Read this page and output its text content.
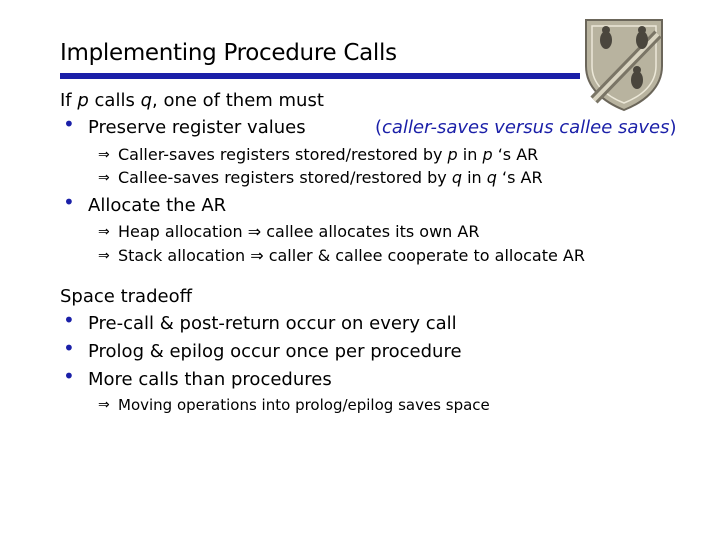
Implementing Procedure Calls
If p calls q, one of them must
• Preserve register values	(caller-saves versus callee saves)
⇒ Caller-saves registers stored/restored by p in p ‘s AR
⇒ Callee-saves registers stored/restored by q in q ‘s AR
• Allocate the AR
⇒ Heap allocation ⇒ callee allocates its own AR
⇒ Stack allocation ⇒ caller & callee cooperate to allocate AR
Space tradeoff
• Pre-call & post-return occur on every call
• Prolog & epilog occur once per procedure
• More calls than procedures
⇒ Moving operations into prolog/epilog saves space
